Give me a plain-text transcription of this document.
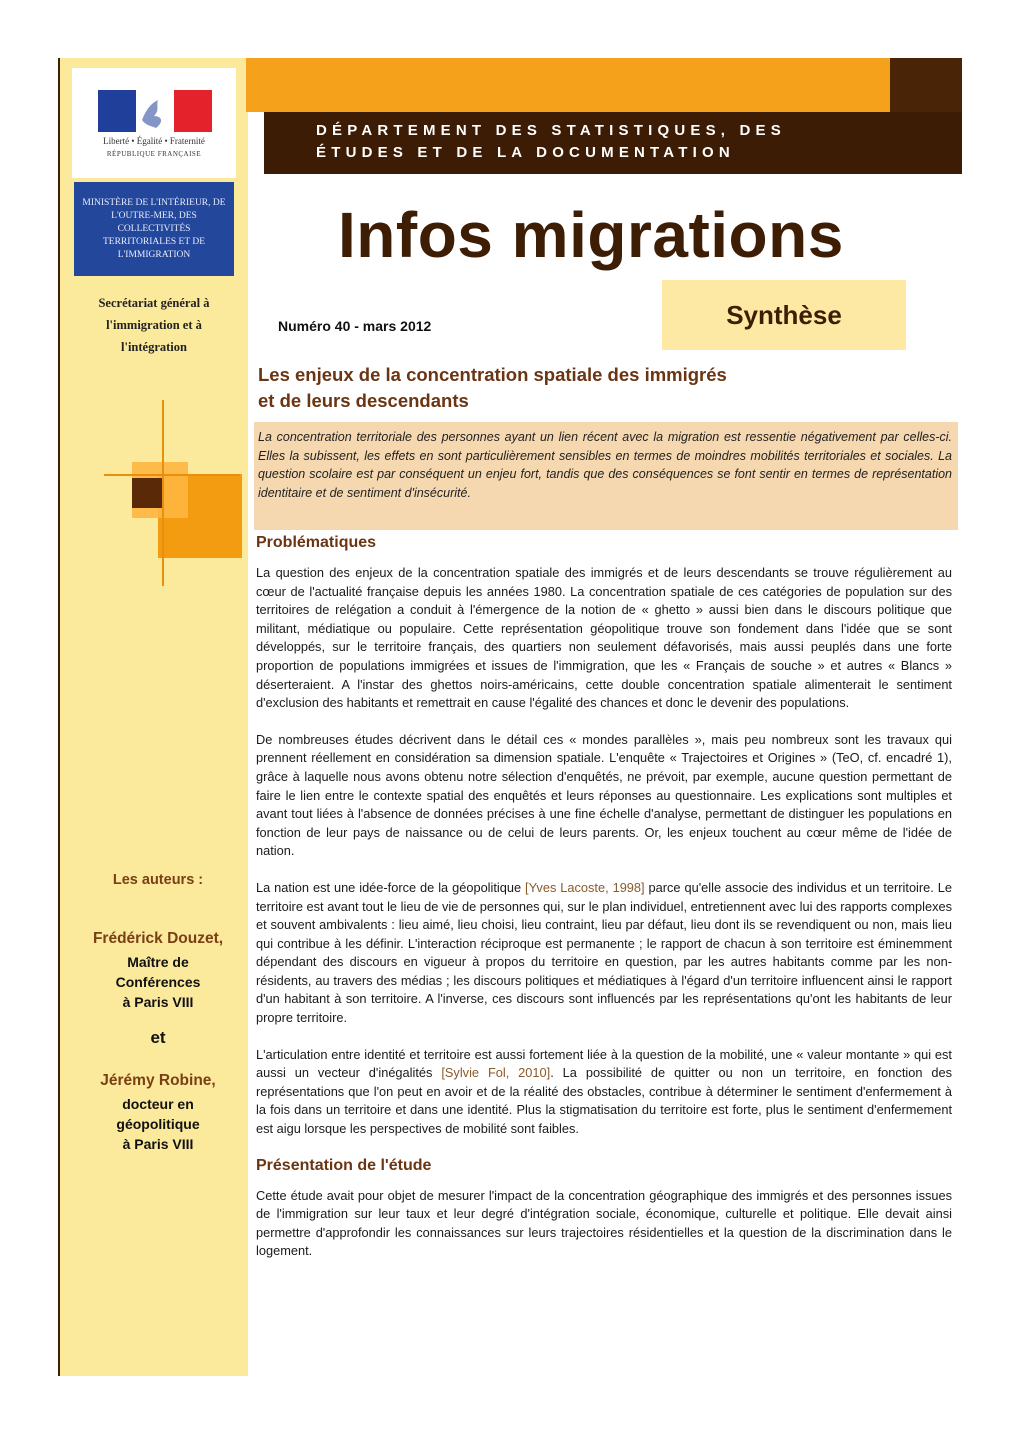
Liberté • Égalité • Fraternité
RÉPUBLIQUE FRANÇAISE
MINISTÈRE DE L'INTÉRIEUR, DE L'OUTRE-MER, DES COLLECTIVITÉS TERRITORIALES ET DE L'IMMIGRATION
Secrétariat général à l'immigration et à l'intégration
Les auteurs :
Frédérick Douzet,
Maître de
Conférences
à Paris VIII
et
Jérémy Robine,
docteur en
géopolitique
à Paris VIII
DÉPARTEMENT DES STATISTIQUES, DES
ÉTUDES ET DE LA DOCUMENTATION
Infos migrations
Synthèse
Numéro 40 - mars 2012
Les enjeux de la concentration spatiale des immigrés
et de leurs descendants

La concentration territoriale des personnes ayant un lien récent avec la migration est ressentie négativement par celles-ci. Elles la subissent, les effets en sont particulièrement sensibles en termes de moindres mobilités territoriales et sociales. La question scolaire est par conséquent un enjeu fort, tandis que des conséquences se font sentir en termes de représentation identitaire et de sentiment d'insécurité.

Problématiques

La question des enjeux de la concentration spatiale des immigrés et de leurs descendants se trouve régulièrement au cœur de l'actualité française depuis les années 1980. La concentration spatiale de ces catégories de population sur des territoires de relégation a conduit à l'émergence de la notion de « ghetto » aussi bien dans le discours politique que militant, médiatique ou populaire. Cette représentation géopolitique trouve son fondement dans l'idée que se sont développés, sur le territoire français, des quartiers non seulement défavorisés, mais aussi peuplés dans une forte proportion de populations immigrées et issues de l'immigration, que les « Français de souche » et autres « Blancs » déserteraient. A l'instar des ghettos noirs-américains, cette double concentration spatiale alimenterait le sentiment d'exclusion des habitants et remettrait en cause l'égalité des chances et donc le devenir des populations.

De nombreuses études décrivent dans le détail ces « mondes parallèles », mais peu nombreux sont les travaux qui prennent réellement en considération sa dimension spatiale. L'enquête « Trajectoires et Origines » (TeO, cf. encadré 1), grâce à laquelle nous avons obtenu notre sélection d'enquêtés, ne prévoit, par exemple, aucune question permettant de faire le lien entre le contexte spatial des enquêtés et leurs réponses au questionnaire. Les explications sont multiples et avant tout liées à l'absence de données précises à une fine échelle d'analyse, permettant de distinguer les populations en fonction de leur pays de naissance ou de celui de leurs parents. Or, les enjeux touchent au cœur même de l'idée de nation.

La nation est une idée-force de la géopolitique [Yves Lacoste, 1998] parce qu'elle associe des individus et un territoire. Le territoire est avant tout le lieu de vie de personnes qui, sur le plan individuel, entretiennent avec lui des rapports complexes et souvent ambivalents : lieu aimé, lieu choisi, lieu contraint, lieu par défaut, lieu dont ils se revendiquent ou non, mais lieu qui contribue à les définir. L'interaction réciproque est permanente ; le rapport de chacun à son territoire est éminemment dépendant des discours en vigueur à propos du territoire en question, par les autres habitants comme par les non-résidents, au travers des médias ; les discours politiques et médiatiques à l'égard d'un territoire influencent ainsi le rapport d'un habitant à son territoire. A l'inverse, ces discours sont influencés par les représentations qu'ont les habitants de leur propre territoire.

L'articulation entre identité et territoire est aussi fortement liée à la question de la mobilité, une « valeur montante » qui est aussi un vecteur d'inégalités [Sylvie Fol, 2010]. La possibilité de quitter ou non un territoire, en fonction des représentations que l'on peut en avoir et de la réalité des obstacles, contribue à déterminer le sentiment d'enfermement à la fois dans un territoire et dans une identité. Plus la stigmatisation du territoire est forte, plus le sentiment d'enfermement est aigu lorsque les perspectives de mobilité sont faibles.

Présentation de l'étude

Cette étude avait pour objet de mesurer l'impact de la concentration géographique des immigrés et des personnes issues de l'immigration sur leur taux et leur degré d'intégration sociale, économique, culturelle et politique. Elle devait ainsi permettre d'approfondir les connaissances sur leurs trajectoires résidentielles et la question de la discrimination dans le logement.
